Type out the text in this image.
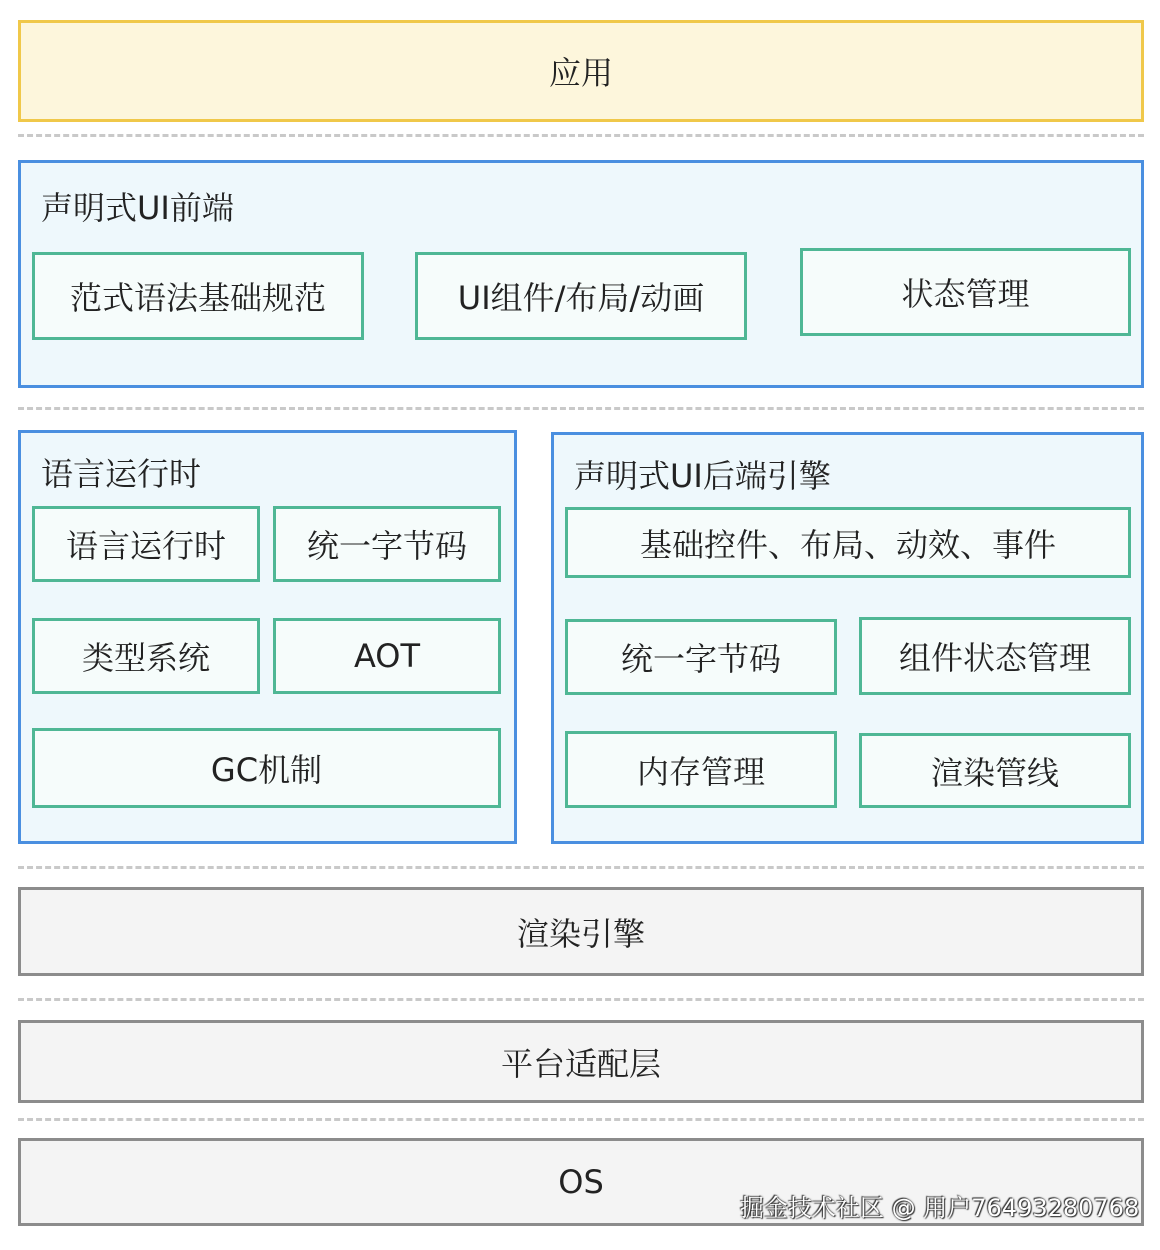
应用
声明式UI前端
范式语法基础规范	UI组件/布局/动画	状态管理
语言运行时
语言运行时	统一字节码
类型系统	AOT
GC机制
声明式UI后端引擎
基础控件、布局、动效、事件
统一字节码	组件状态管理
内存管理	渲染管线
渲染引擎
平台适配层
OS
掘金技术社区 @ 用户76493280768
